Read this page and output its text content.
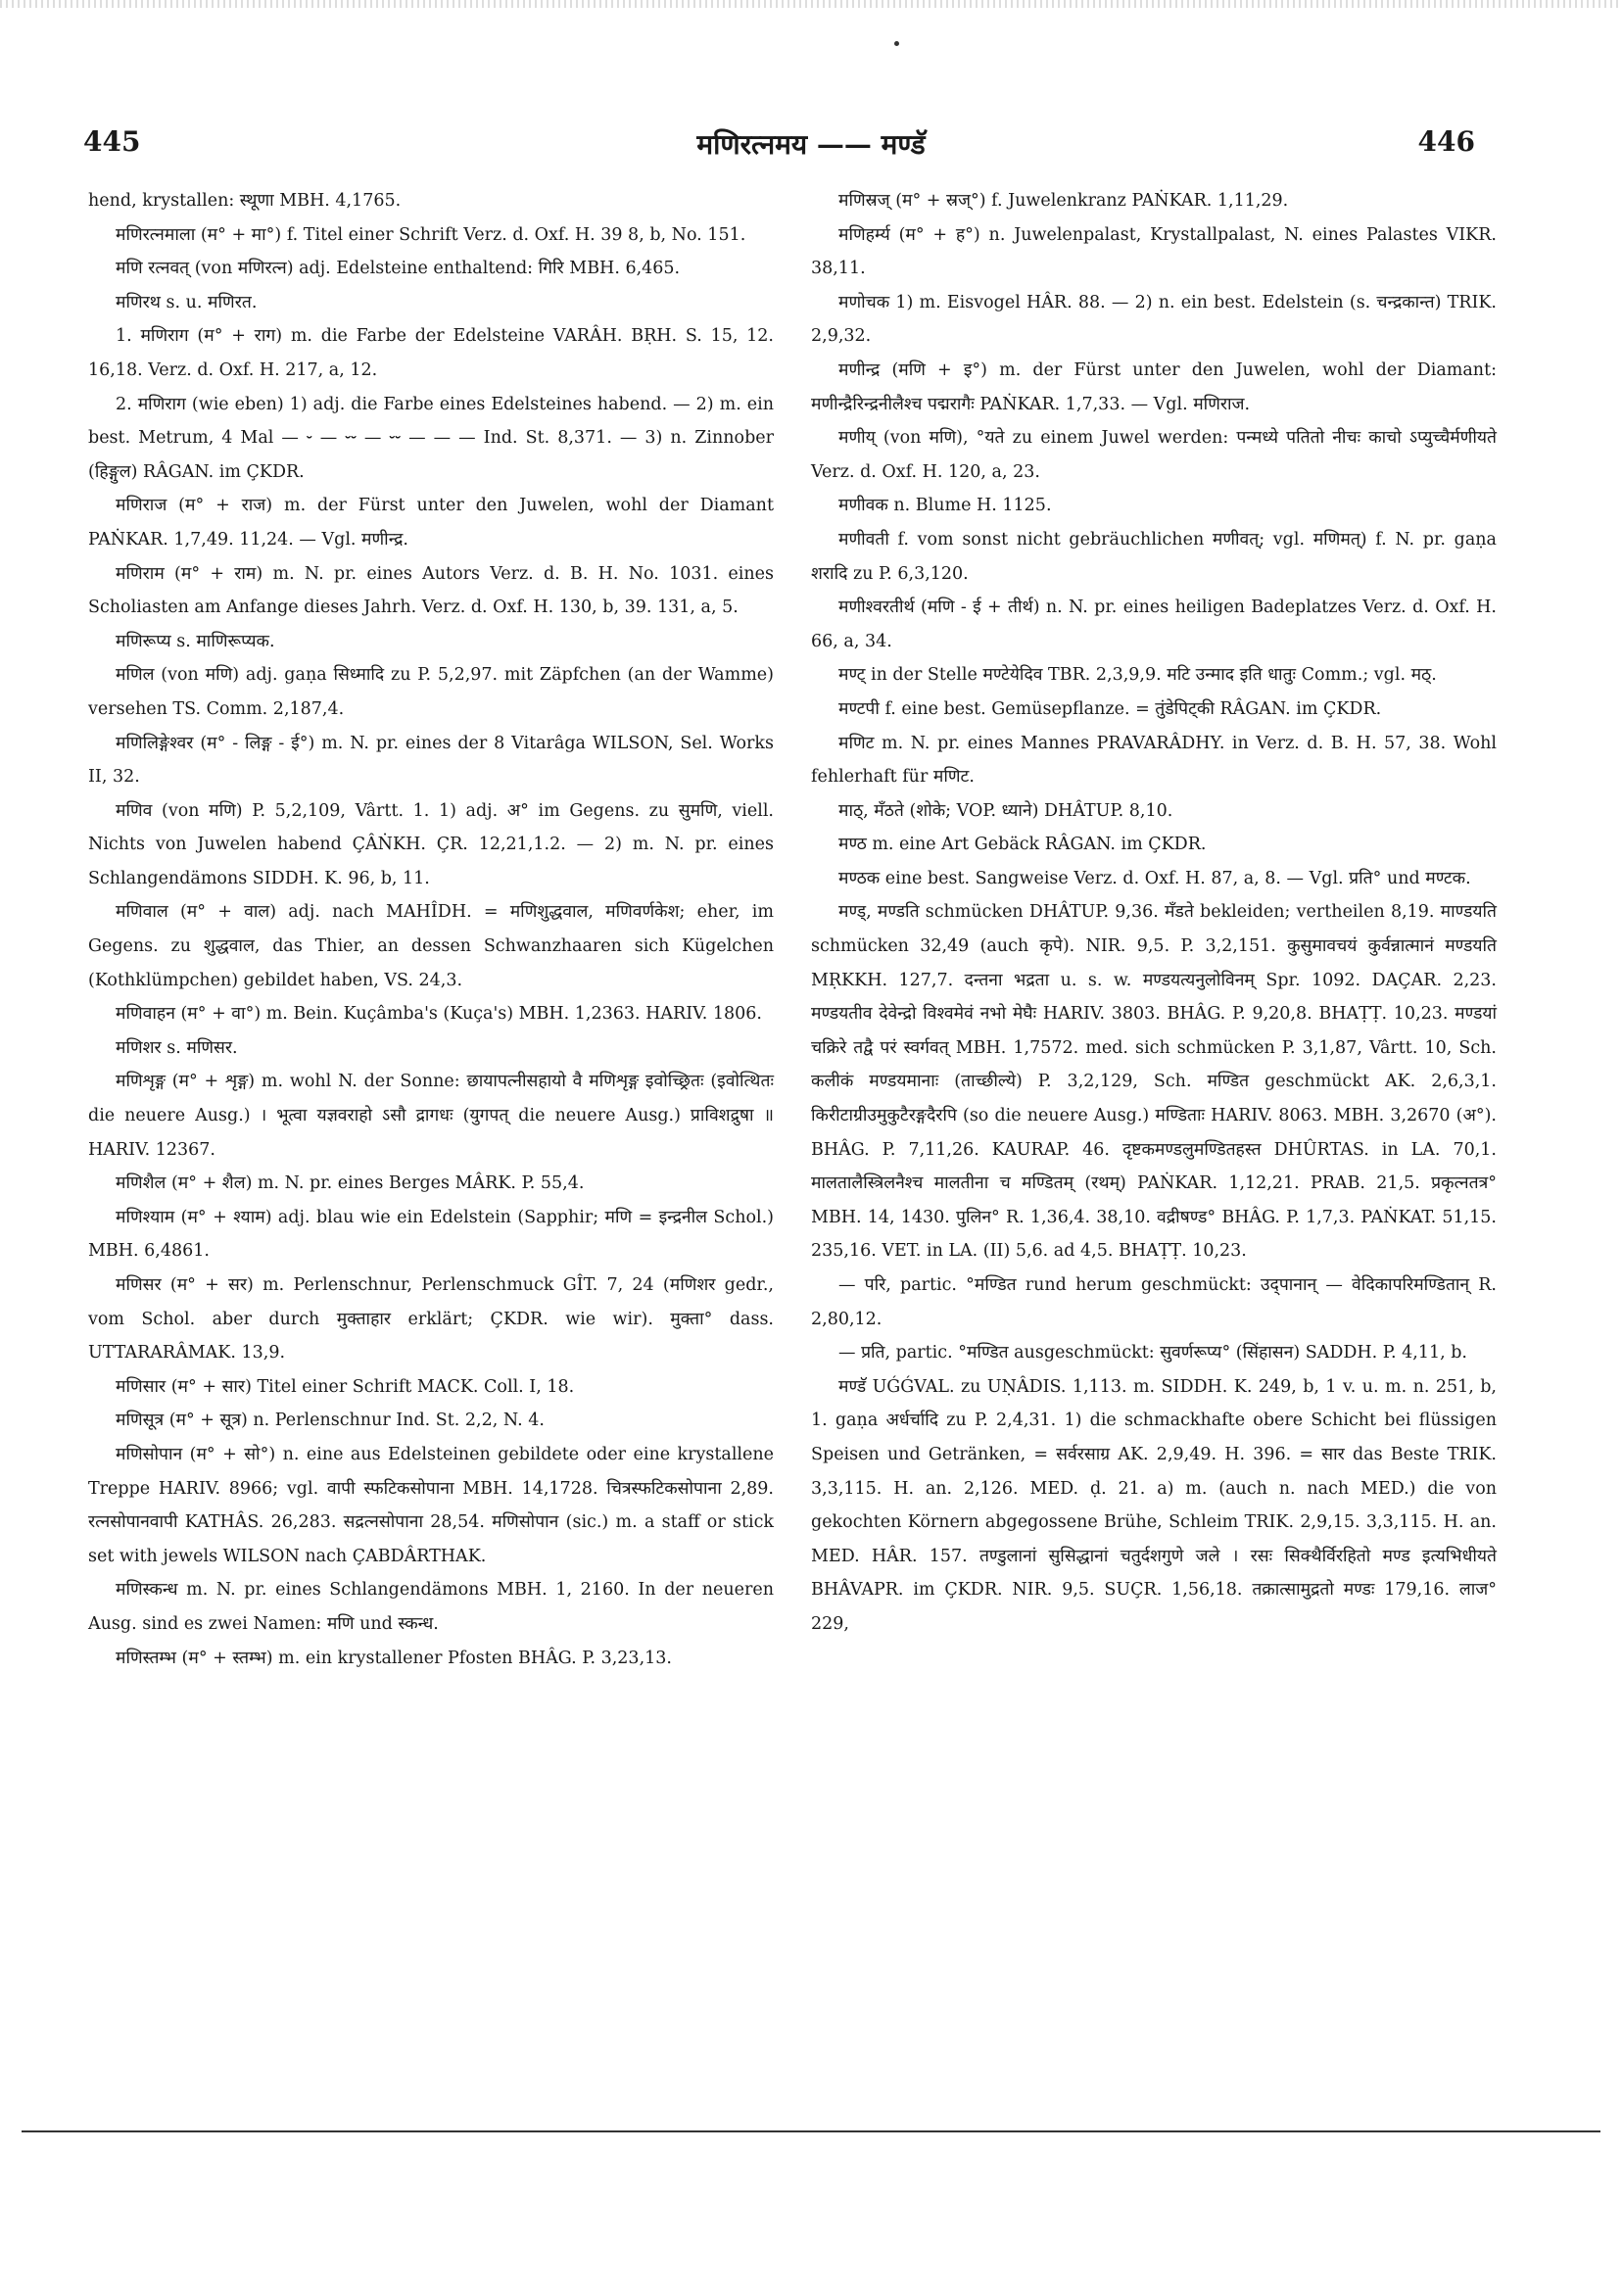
445	मणिरत्नमय —— मण्डॅ	446

hend, krystallen: स्थूणा MBH. 4,1765.

मणिरत्नमाला (म° + मा°) f. Titel einer Schrift Verz. d. Oxf. H. 39 8, b, No. 151.

मणि रत्नवत् (von मणिरत्न) adj. Edelsteine enthaltend: गिरि MBH. 6,465.

मणिरथ s. u. मणिरत.

1. मणिराग (म° + राग) m. die Farbe der Edelsteine VARÂH. BṚH. S. 15, 12. 16,18. Verz. d. Oxf. H. 217, a, 12.

2. मणिराग (wie eben) 1) adj. die Farbe eines Edelsteines habend. — 2) m. ein best. Metrum, 4 Mal — ⏑ — ⏑⏑ — ⏑⏑ — — — Ind. St. 8,371. — 3) n. Zinnober (हिङ्गुल) RÂGAN. im ÇKDR.

मणिराज (म° + राज) m. der Fürst unter den Juwelen, wohl der Diamant PAṄKAR. 1,7,49. 11,24. — Vgl. मणीन्द्र.

मणिराम (म° + राम) m. N. pr. eines Autors Verz. d. B. H. No. 1031. eines Scholiasten am Anfange dieses Jahrh. Verz. d. Oxf. H. 130, b, 39. 131, a, 5.

मणिरूप्य s. माणिरूप्यक.

मणिल (von मणि) adj. gaṇa सिध्मादि zu P. 5,2,97. mit Zäpfchen (an der Wamme) versehen TS. Comm. 2,187,4.

मणिलिङ्गेश्वर (म° - लिङ्ग - ई°) m. N. pr. eines der 8 Vitarâga WILSON, Sel. Works II, 32.

मणिव (von मणि) P. 5,2,109, Vârtt. 1. 1) adj. अ° im Gegens. zu सुमणि, viell. Nichts von Juwelen habend ÇÂṄKH. ÇR. 12,21,1.2. — 2) m. N. pr. eines Schlangendämons SIDDH. K. 96, b, 11.

मणिवाल (म° + वाल) adj. nach MAHÎDH. = मणिशुद्धवाल, मणिवर्णकेश; eher, im Gegens. zu शुद्धवाल, das Thier, an dessen Schwanzhaaren sich Kügelchen (Kothklümpchen) gebildet haben, VS. 24,3.

मणिवाहन (म° + वा°) m. Bein. Kuçâmba's (Kuça's) MBH. 1,2363. HARIV. 1806.

मणिशर s. मणिसर.

मणिशृङ्ग (म° + शृङ्ग) m. wohl N. der Sonne: छायापत्नीसहायो वै मणिशृङ्ग इवोच्छ्रितः (इवोत्थितः die neuere Ausg.) । भूत्वा यज्ञवराहो ऽसौ द्रागधः (युगपत् die neuere Ausg.) प्राविशद्रुषा ॥ HARIV. 12367.

मणिशैल (म° + शैल) m. N. pr. eines Berges MÂRK. P. 55,4.

मणिश्याम (म° + श्याम) adj. blau wie ein Edelstein (Sapphir; मणि = इन्द्रनील Schol.) MBH. 6,4861.

मणिसर (म° + सर) m. Perlenschnur, Perlenschmuck GÎT. 7, 24 (मणिशर gedr., vom Schol. aber durch मुक्ताहार erklärt; ÇKDR. wie wir). मुक्ता° dass. UTTARARÂMAK. 13,9.

मणिसार (म° + सार) Titel einer Schrift MACK. Coll. I, 18.

मणिसूत्र (म° + सूत्र) n. Perlenschnur Ind. St. 2,2, N. 4.

मणिसोपान (म° + सो°) n. eine aus Edelsteinen gebildete oder eine krystallene Treppe HARIV. 8966; vgl. वापी स्फटिकसोपाना MBH. 14,1728. चित्रस्फटिकसोपाना 2,89. रत्नसोपानवापी KATHÂS. 26,283. सद्रत्नसोपाना 28,54. मणिसोपान (sic.) m. a staff or stick set with jewels WILSON nach ÇABDÂRTHAK.

मणिस्कन्ध m. N. pr. eines Schlangendämons MBH. 1, 2160. In der neueren Ausg. sind es zwei Namen: मणि und स्कन्ध.

मणिस्तम्भ (म° + स्तम्भ) m. ein krystallener Pfosten BHÂG. P. 3,23,13.

मणिस्रज् (म° + स्रज्°) f. Juwelenkranz PAṄKAR. 1,11,29.

मणिहर्म्य (म° + ह°) n. Juwelenpalast, Krystallpalast, N. eines Palastes VIKR. 38,11.

मणोचक 1) m. Eisvogel HÂR. 88. — 2) n. ein best. Edelstein (s. चन्द्रकान्त) TRIK. 2,9,32.

मणीन्द्र (मणि + इ°) m. der Fürst unter den Juwelen, wohl der Diamant: मणीन्द्रैरिन्द्रनीलैश्च पद्मरागैः PAṄKAR. 1,7,33. — Vgl. मणिराज.

मणीय् (von मणि), °यते zu einem Juwel werden: पन्मध्ये पतितो नीचः काचो ऽप्युच्चैर्मणीयते Verz. d. Oxf. H. 120, a, 23.

मणीवक n. Blume H. 1125.

मणीवती f. vom sonst nicht gebräuchlichen मणीवत्; vgl. मणिमत्) f. N. pr. gaṇa शरादि zu P. 6,3,120.

मणीश्वरतीर्थ (मणि - ई + तीर्थ) n. N. pr. eines heiligen Badeplatzes Verz. d. Oxf. H. 66, a, 34.

मण्ट् in der Stelle मण्टेयेदिव TBR. 2,3,9,9. मटि उन्माद इति धातुः Comm.; vgl. मठ्.

मण्टपी f. eine best. Gemüsepflanze. = तुंडेपिट्की RÂGAN. im ÇKDR.

मणिट m. N. pr. eines Mannes PRAVARÂDHY. in Verz. d. B. H. 57, 38. Wohl fehlerhaft für मणिट.

माठ्, मँठते (शोके; VOP. ध्याने) DHÂTUP. 8,10.

मण्ठ m. eine Art Gebäck RÂGAN. im ÇKDR.

मण्ठक eine best. Sangweise Verz. d. Oxf. H. 87, a, 8. — Vgl. प्रति° und मण्टक.

मण्ड्, मण्डति schmücken DHÂTUP. 9,36. मँडते bekleiden; vertheilen 8,19. माण्डयति schmücken 32,49 (auch कृपे). NIR. 9,5. P. 3,2,151. कुसुमावचयं कुर्वन्नात्मानं मण्डयति MṚKKH. 127,7. दन्तना भद्रता u. s. w. मण्डयत्यनुलोविनम् Spr. 1092. DAÇAR. 2,23. मण्डयतीव देवेन्द्रो विश्वमेवं नभो मेघैः HARIV. 3803. BHÂG. P. 9,20,8. BHAṬṬ. 10,23. मण्डयां चक्रिरे तद्वै परं स्वर्गवत् MBH. 1,7572. med. sich schmücken P. 3,1,87, Vârtt. 10, Sch. कलीकं मण्डयमानाः (ताच्छील्ये) P. 3,2,129, Sch. मण्डित geschmückt AK. 2,6,3,1. किरीटाग्रीउमुकुटैरङ्गदैरपि (so die neuere Ausg.) मण्डिताः HARIV. 8063. MBH. 3,2670 (अ°). BHÂG. P. 7,11,26. KAURAP. 46. दृष्टकमण्डलुमण्डितहस्त DHÛRTAS. in LA. 70,1. मालतालैस्त्रिलनैश्च मालतीना च मण्डितम् (रथम्) PAṄKAR. 1,12,21. PRAB. 21,5. प्रकृत्नतत्र° MBH. 14, 1430. पुलिन° R. 1,36,4. 38,10. वद्रीषण्ड° BHÂG. P. 1,7,3. PAṄKAT. 51,15. 235,16. VET. in LA. (II) 5,6. ad 4,5. BHAṬṬ. 10,23.

— परि, partic. °मण्डित rund herum geschmückt: उद्पानान् — वेदिकापरिमण्डितान् R. 2,80,12.

— प्रति, partic. °मण्डित ausgeschmückt: सुवर्णरूप्य° (सिंहासन) SADDH. P. 4,11, b.

मण्डॅ UǴǴVAL. zu UṆÂDIS. 1,113. m. SIDDH. K. 249, b, 1 v. u. m. n. 251, b, 1. gaṇa अर्धर्चादि zu P. 2,4,31. 1) die schmackhafte obere Schicht bei flüssigen Speisen und Getränken, = सर्वरसाग्र AK. 2,9,49. H. 396. = सार das Beste TRIK. 3,3,115. H. an. 2,126. MED. ḍ. 21. a) m. (auch n. nach MED.) die von gekochten Körnern abgegossene Brühe, Schleim TRIK. 2,9,15. 3,3,115. H. an. MED. HÂR. 157. तण्डुलानां सुसिद्धानां चतुर्दशगुणे जले । रसः सिक्थैर्विरहितो मण्ड इत्यभिधीयते BHÂVAPR. im ÇKDR. NIR. 9,5. SUÇR. 1,56,18. तक्रात्सामुद्रतो मण्डः 179,16. लाज° 229,
